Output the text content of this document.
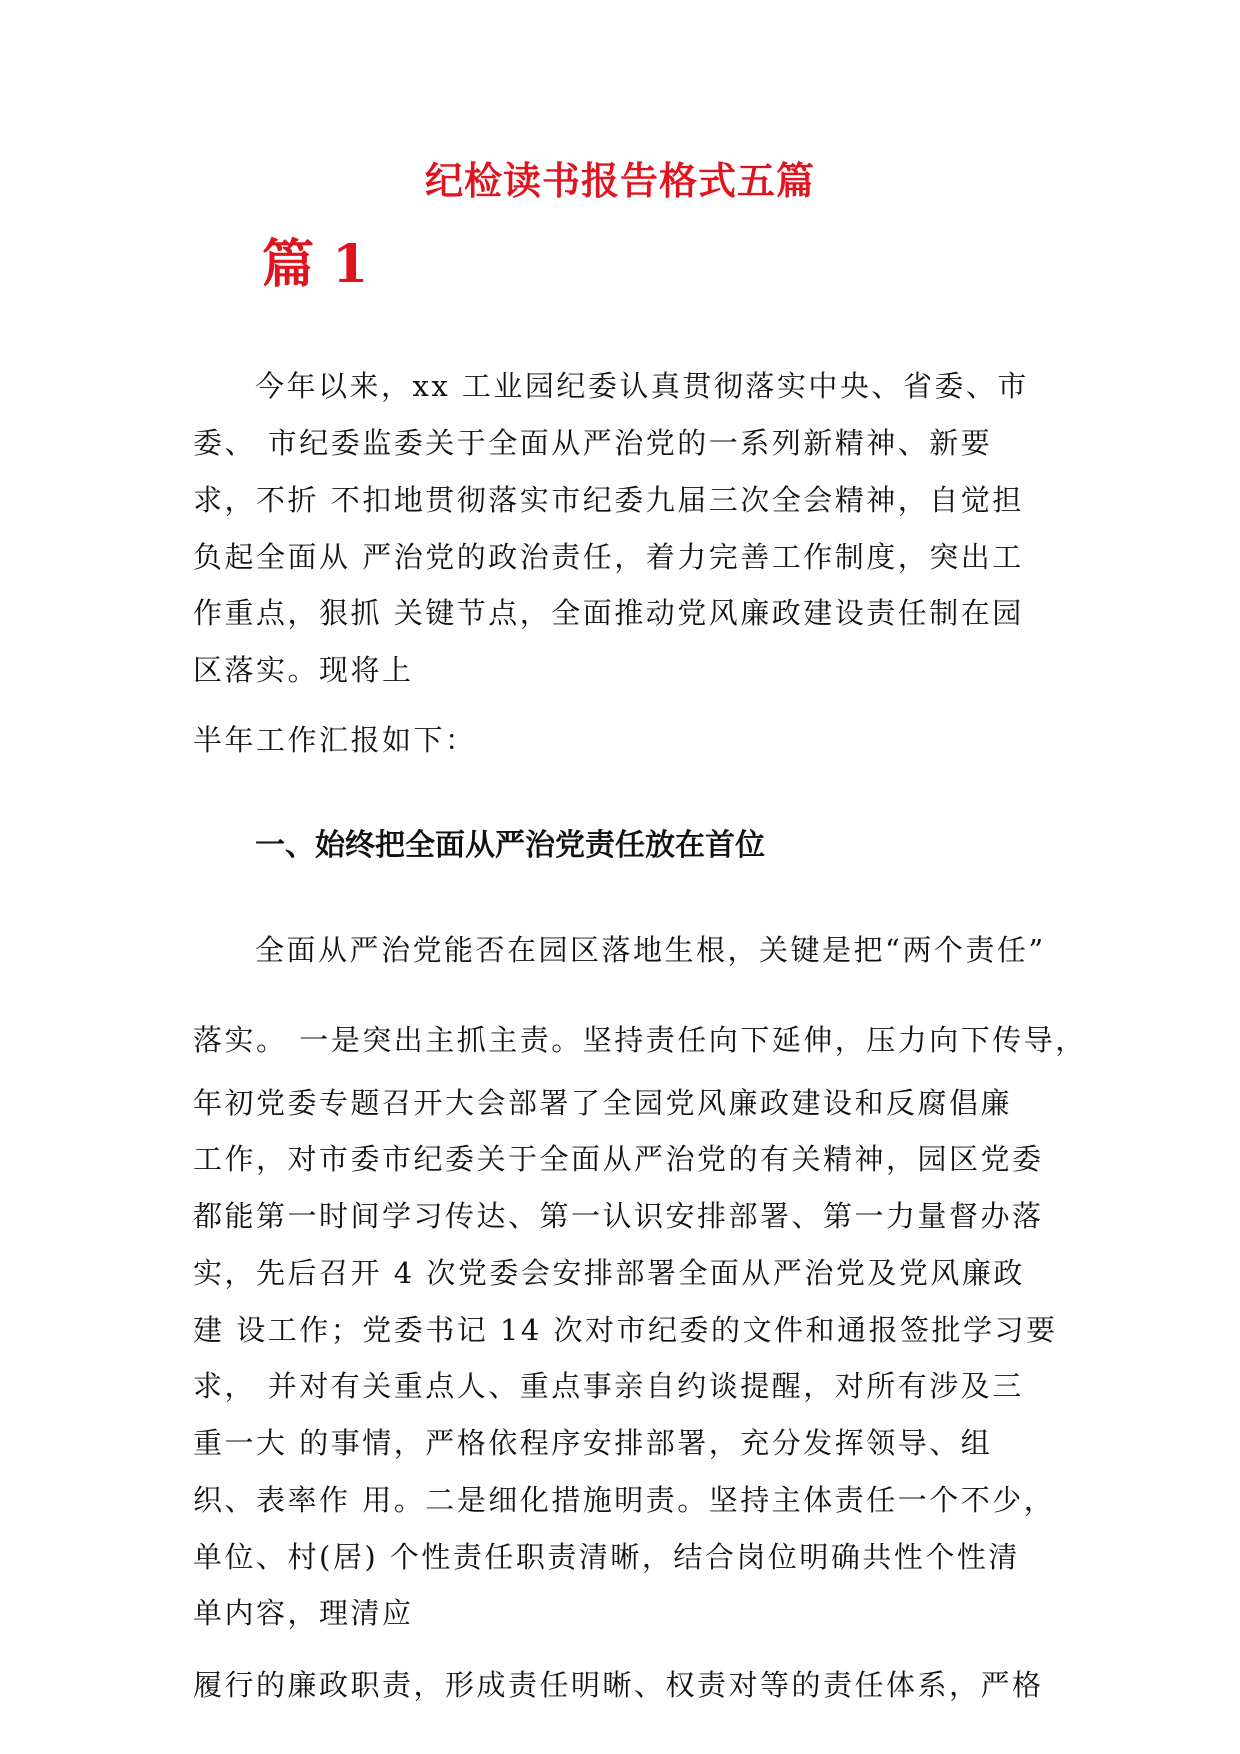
纪检读书报告格式五篇
篇 1

今年以来，xx 工业园纪委认真贯彻落实中央、省委、市

委、 市纪委监委关于全面从严治党的一系列新精神、新要

求，不折 不扣地贯彻落实市纪委九届三次全会精神，自觉担

负起全面从 严治党的政治责任，着力完善工作制度，突出工

作重点，狠抓 关键节点，全面推动党风廉政建设责任制在园

区落实。现将上

半年工作汇报如下：

一、始终把全面从严治党责任放在首位

全面从严治党能否在园区落地生根，关键是把“两个责任”

落实。 一是突出主抓主责。坚持责任向下延伸，压力向下传导，

年初党委专题召开大会部署了全园党风廉政建设和反腐倡廉

工作，对市委市纪委关于全面从严治党的有关精神，园区党委

都能第一时间学习传达、第一认识安排部署、第一力量督办落

实，先后召开 4 次党委会安排部署全面从严治党及党风廉政

建 设工作；党委书记 14 次对市纪委的文件和通报签批学习要

求， 并对有关重点人、重点事亲自约谈提醒，对所有涉及三

重一大 的事情，严格依程序安排部署，充分发挥领导、组

织、表率作 用。二是细化措施明责。坚持主体责任一个不少，

单位、村(居) 个性责任职责清晰，结合岗位明确共性个性清

单内容，理清应

履行的廉政职责，形成责任明晰、权责对等的责任体系，严格
